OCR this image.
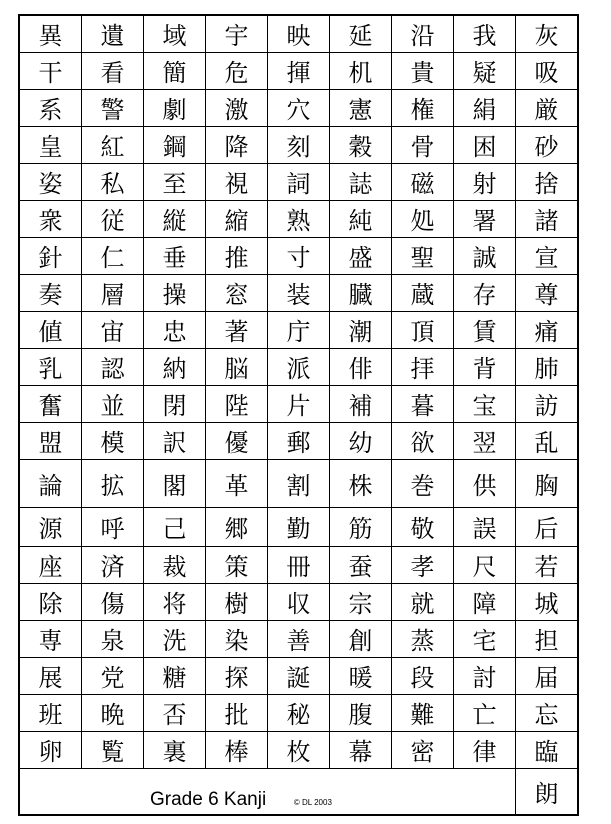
異	遺	域	宇	映	延	沿	我	灰
干	看	簡	危	揮	机	貴	疑	吸
系	警	劇	激	穴	憲	権	絹	厳
皇	紅	鋼	降	刻	穀	骨	困	砂
姿	私	至	視	詞	誌	磁	射	捨
衆	従	縦	縮	熟	純	処	署	諸
針	仁	垂	推	寸	盛	聖	誠	宣
奏	層	操	窓	装	臓	蔵	存	尊
値	宙	忠	著	庁	潮	頂	賃	痛
乳	認	納	脳	派	俳	拝	背	肺
奮	並	閉	陛	片	補	暮	宝	訪
盟	模	訳	優	郵	幼	欲	翌	乱
論	拡	閣	革	割	株	巻	供	胸
源	呼	己	郷	勤	筋	敬	誤	后
座	済	裁	策	冊	蚕	孝	尺	若
除	傷	将	樹	収	宗	就	障	城
専	泉	洗	染	善	創	蒸	宅	担
展	党	糖	探	誕	暖	段	討	届
班	晩	否	批	秘	腹	難	亡	忘
卵	覧	裏	棒	枚	幕	密	律	臨
Grade 6 Kanji © DL 2003								朗
